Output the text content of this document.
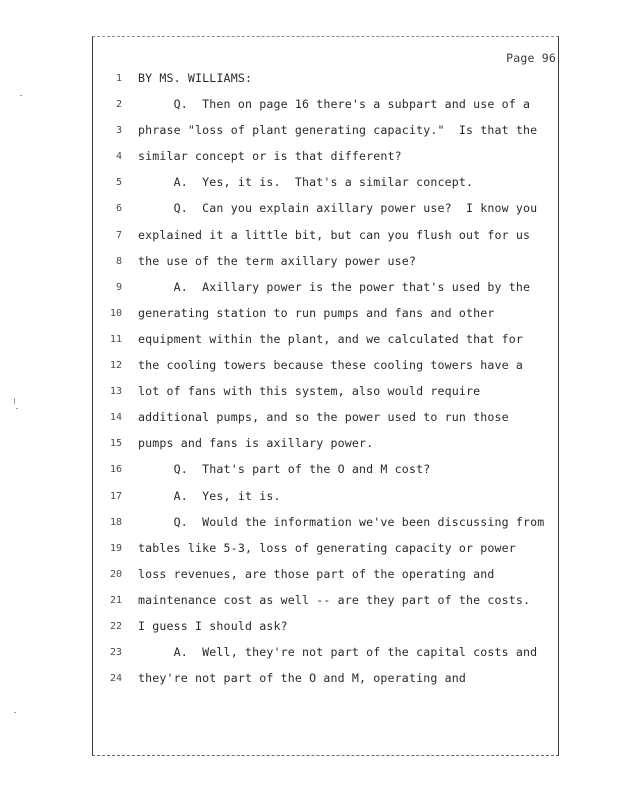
Page 96
1 BY MS. WILLIAMS:
2 Q.  Then on page 16 there's a subpart and use of a
3 phrase "loss of plant generating capacity."  Is that the
4 similar concept or is that different?
5 A.  Yes, it is.  That's a similar concept.
6 Q.  Can you explain axillary power use?  I know you
7 explained it a little bit, but can you flush out for us
8 the use of the term axillary power use?
9 A.  Axillary power is the power that's used by the
10 generating station to run pumps and fans and other
11 equipment within the plant, and we calculated that for
12 the cooling towers because these cooling towers have a
13 lot of fans with this system, also would require
14 additional pumps, and so the power used to run those
15 pumps and fans is axillary power.
16 Q.  That's part of the O and M cost?
17 A.  Yes, it is.
18 Q.  Would the information we've been discussing from
19 tables like 5-3, loss of generating capacity or power
20 loss revenues, are those part of the operating and
21 maintenance cost as well -- are they part of the costs.
22 I guess I should ask?
23 A.  Well, they're not part of the capital costs and
24 they're not part of the O and M, operating and
